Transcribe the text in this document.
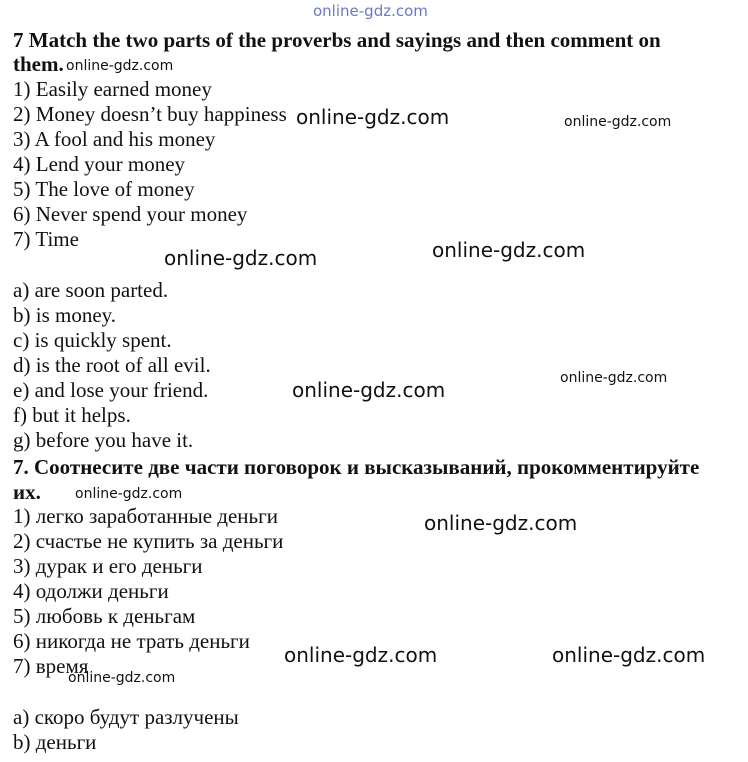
online-gdz.com
7 Match the two parts of the proverbs and sayings and then comment on
them.
1) Easily earned money
2) Money doesn’t buy happiness
3) A fool and his money
4) Lend your money
5) The love of money
6) Never spend your money
7) Time
a) are soon parted.
b) is money.
c) is quickly spent.
d) is the root of all evil.
e) and lose your friend.
f) but it helps.
g) before you have it.
7. Соотнесите две части поговорок и высказываний, прокомментируйте
их.
1) легко заработанные деньги
2) счастье не купить за деньги
3) дурак и его деньги
4) одолжи деньги
5) любовь к деньгам
6) никогда не трать деньги
7) время
a) скоро будут разлучены
b) деньги
online-gdz.com
online-gdz.com	online-gdz.com
online-gdz.com
online-gdz.com
online-gdz.com	online-gdz.com
online-gdz.com
online-gdz.com
online-gdz.com	online-gdz.com
online-gdz.com
